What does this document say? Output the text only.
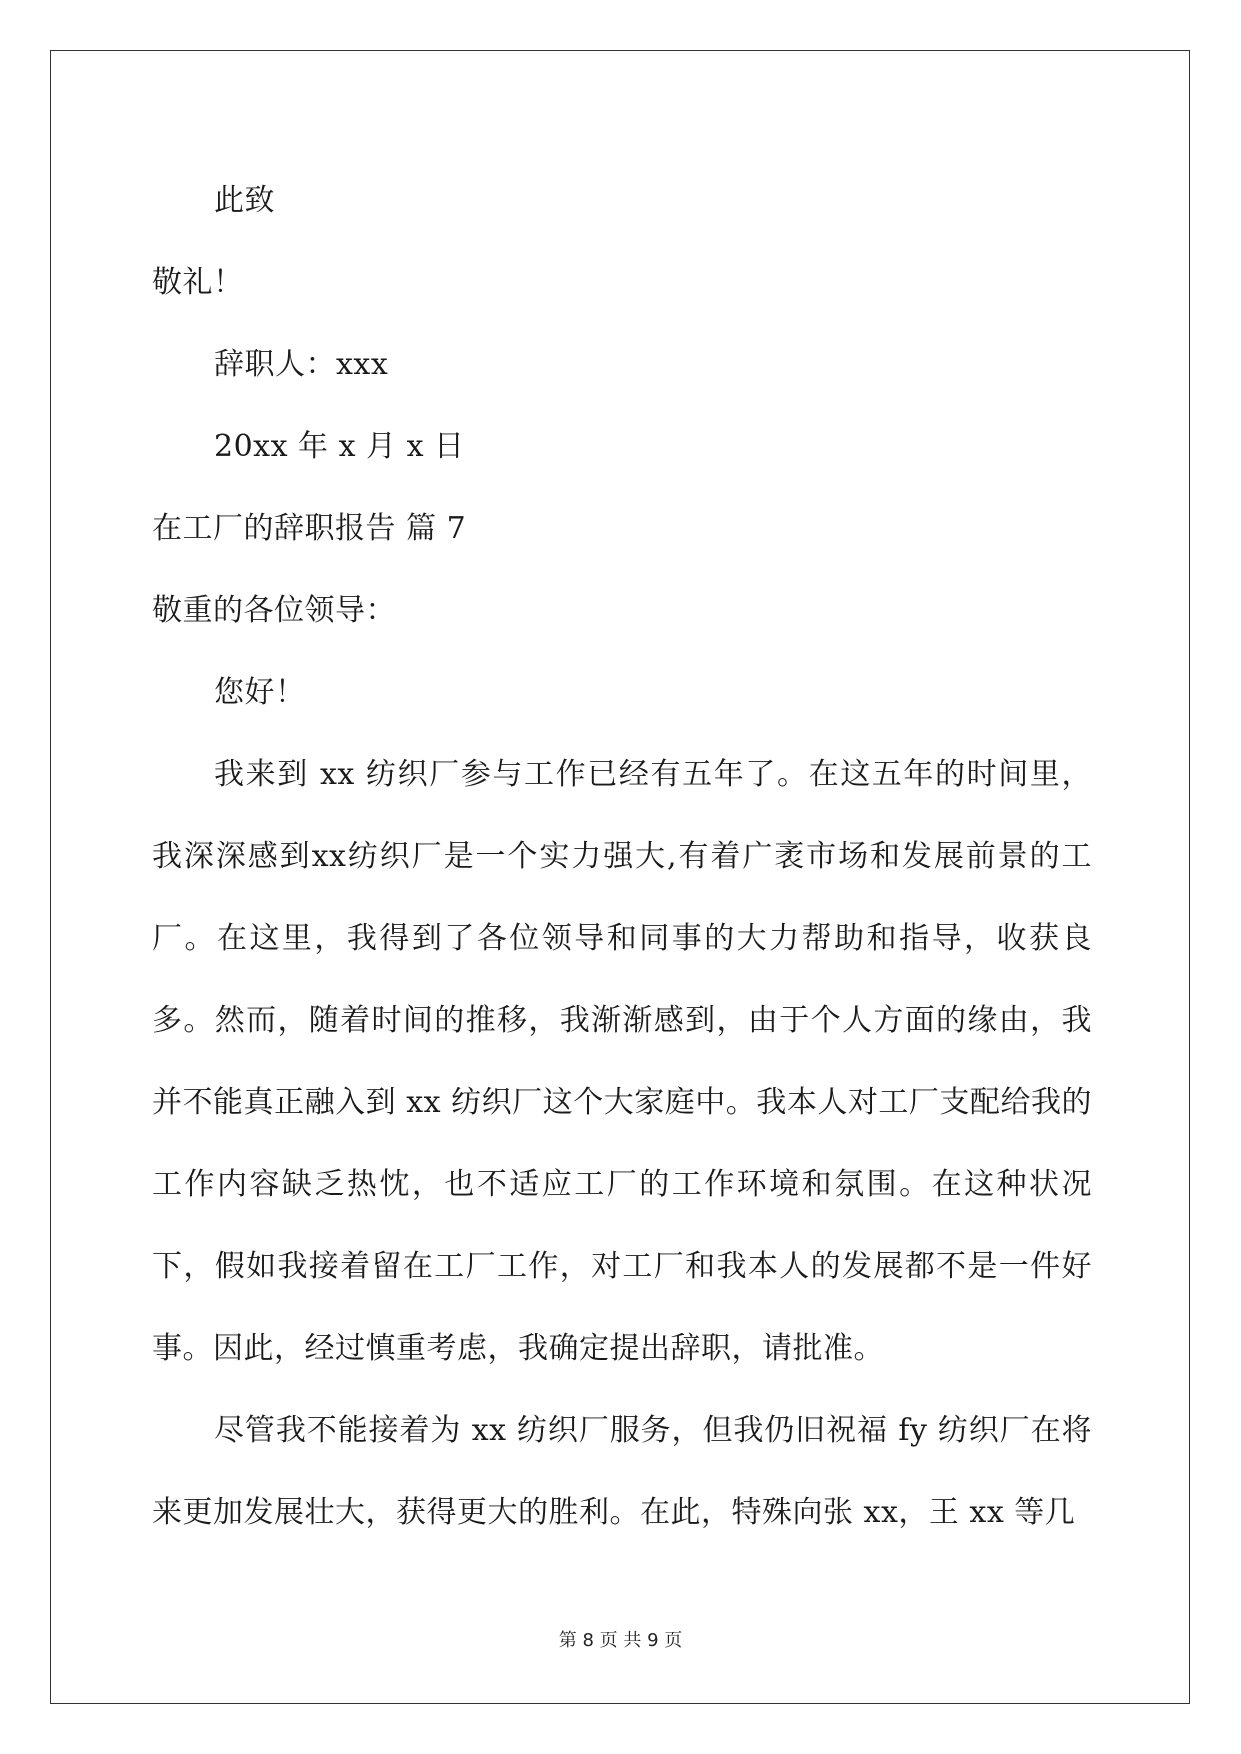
此致
敬礼！
辞职人：xxx
20xx 年 x 月 x 日
在工厂的辞职报告 篇 7
敬重的各位领导：
您好！
我来到 xx 纺织厂参与工作已经有五年了。在这五年的时间里，我深深感到xx纺织厂是一个实力强大,有着广袤市场和发展前景的工厂。在这里，我得到了各位领导和同事的大力帮助和指导，收获良多。然而，随着时间的推移，我渐渐感到，由于个人方面的缘由，我并不能真正融入到 xx 纺织厂这个大家庭中。我本人对工厂支配给我的工作内容缺乏热忱，也不适应工厂的工作环境和氛围。在这种状况下，假如我接着留在工厂工作，对工厂和我本人的发展都不是一件好事。因此，经过慎重考虑，我确定提出辞职，请批准。
尽管我不能接着为 xx 纺织厂服务，但我仍旧祝福 fy 纺织厂在将来更加发展壮大，获得更大的胜利。在此，特殊向张 xx，王 xx 等几
第 8 页 共 9 页
